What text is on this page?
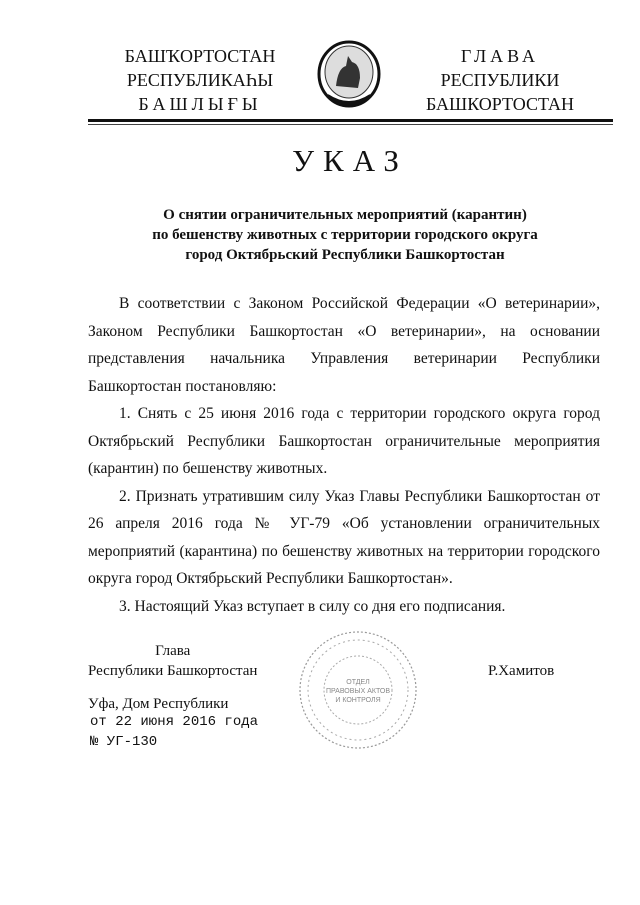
БАШҠОРТОСТАН
РЕСПУБЛИКАҺЫ
БАШЛЫҒЫ
ГЛАВА
РЕСПУБЛИКИ
БАШКОРТОСТАН
УКАЗ
О снятии ограничительных мероприятий (карантин)
по бешенству животных с территории городского округа
город Октябрьский Республики Башкортостан

В соответствии с Законом Российской Федерации «О ветеринарии», Законом Республики Башкортостан «О ветеринарии», на основании представления начальника Управления ветеринарии Республики Башкортостан постановляю:

1. Снять с 25 июня 2016 года с территории городского округа город Октябрьский Республики Башкортостан ограничительные мероприятия (карантин) по бешенству животных.

2. Признать утратившим силу Указ Главы Республики Башкортостан от 26 апреля 2016 года № УГ-79 «Об установлении ограничительных мероприятий (карантина) по бешенству животных на территории городского округа город Октябрьский Республики Башкортостан».

3. Настоящий Указ вступает в силу со дня его подписания.

Глава
Республики Башкортостан
Уфа, Дом Республики
от 22 июня 2016 года
№ УГ-130
Р.Хамитов
ОТДЕЛ
ПРАВОВЫХ АКТОВ
И КОНТРОЛЯ
